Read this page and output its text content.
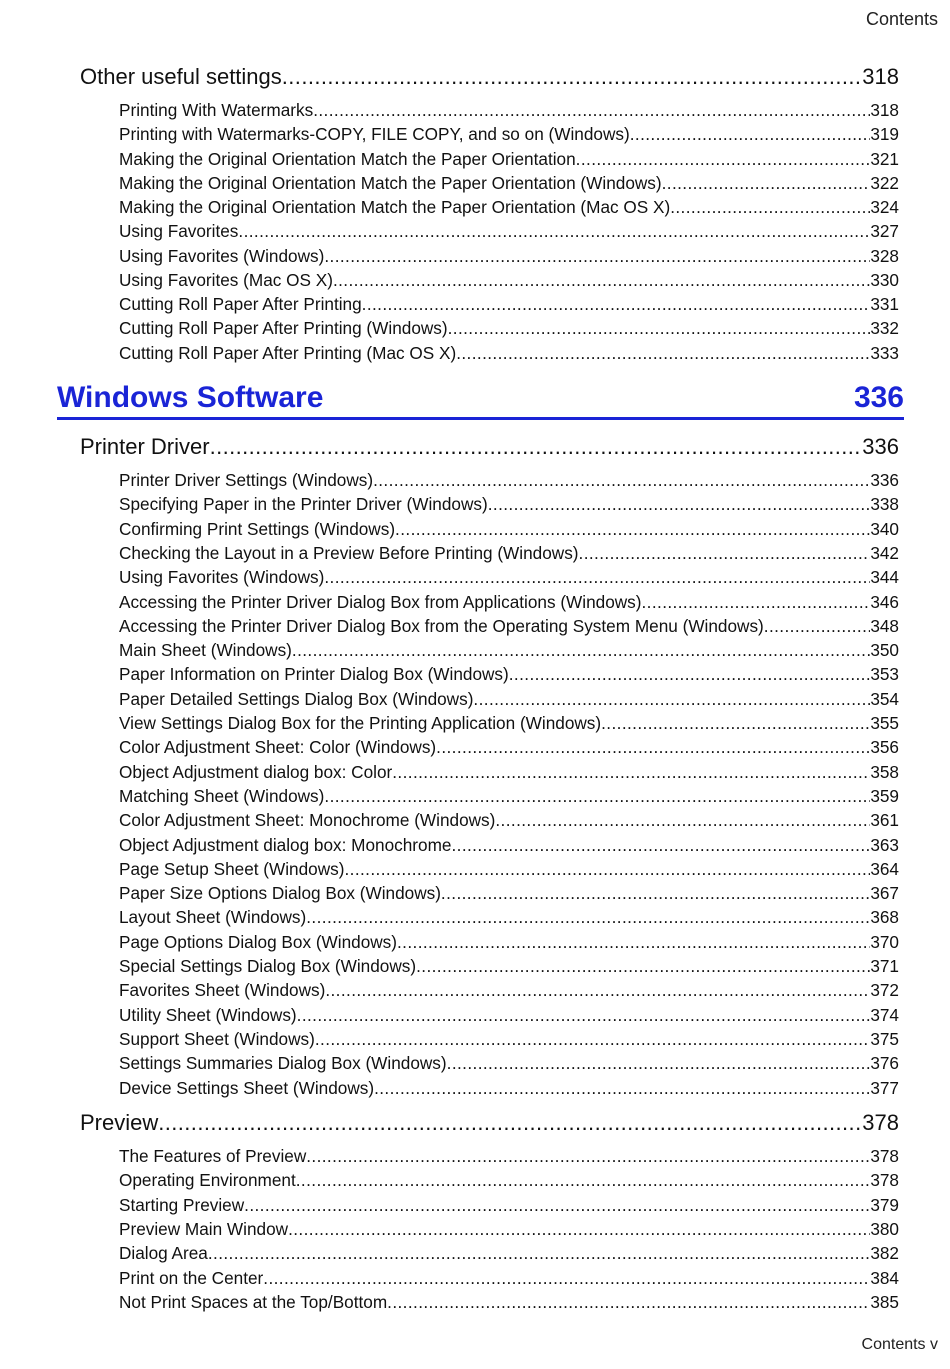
Contents
Other useful settings .....	318
Printing With Watermarks .....	318
Printing with Watermarks-COPY, FILE COPY, and so on (Windows) .....	319
Making the Original Orientation Match the Paper Orientation .....	321
Making the Original Orientation Match the Paper Orientation (Windows) .....	322
Making the Original Orientation Match the Paper Orientation (Mac OS X) .....	324
Using Favorites .....	327
Using Favorites (Windows) .....	328
Using Favorites (Mac OS X) .....	330
Cutting Roll Paper After Printing .....	331
Cutting Roll Paper After Printing (Windows) .....	332
Cutting Roll Paper After Printing (Mac OS X) .....	333
Printer Driver .....	336
Printer Driver Settings (Windows) .....	336
Specifying Paper in the Printer Driver (Windows) .....	338
Confirming Print Settings (Windows) .....	340
Checking the Layout in a Preview Before Printing (Windows) .....	342
Using Favorites (Windows) .....	344
Accessing the Printer Driver Dialog Box from Applications (Windows) .....	346
Accessing the Printer Driver Dialog Box from the Operating System Menu (Windows) .....	348
Main Sheet (Windows) .....	350
Paper Information on Printer Dialog Box (Windows) .....	353
Paper Detailed Settings Dialog Box (Windows) .....	354
View Settings Dialog Box for the Printing Application (Windows) .....	355
Color Adjustment Sheet: Color (Windows) .....	356
Object Adjustment dialog box: Color .....	358
Matching Sheet (Windows) .....	359
Color Adjustment Sheet: Monochrome (Windows) .....	361
Object Adjustment dialog box: Monochrome .....	363
Page Setup Sheet (Windows) .....	364
Paper Size Options Dialog Box (Windows) .....	367
Layout Sheet (Windows) .....	368
Page Options Dialog Box (Windows) .....	370
Special Settings Dialog Box (Windows) .....	371
Favorites Sheet (Windows) .....	372
Utility Sheet (Windows) .....	374
Support Sheet (Windows) .....	375
Settings Summaries Dialog Box (Windows) .....	376
Device Settings Sheet (Windows) .....	377
Preview .....	378
The Features of Preview .....	378
Operating Environment .....	378
Starting Preview .....	379
Preview Main Window .....	380
Dialog Area .....	382
Print on the Center .....	384
Not Print Spaces at the Top/Bottom .....	385
Windows Software	336
Contents v
